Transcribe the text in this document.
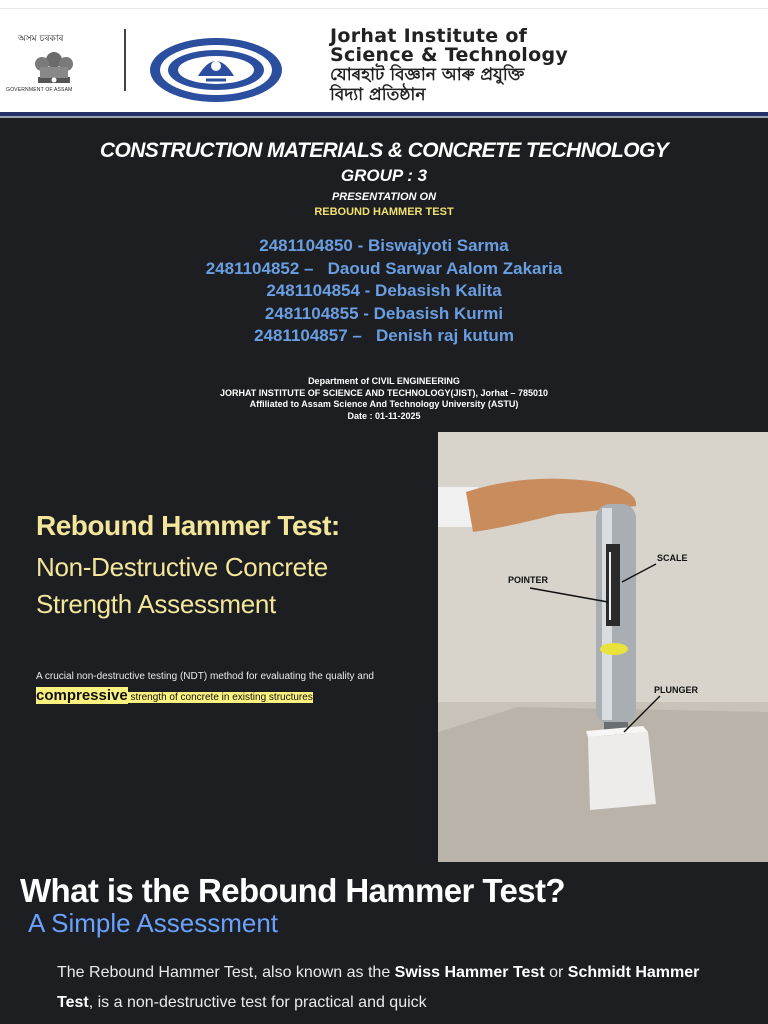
অসম চৰকাৰ
GOVERNMENT OF ASSAM
Jorhat Institute of
Science & Technology
যোৰহাট বিজ্ঞান আৰু প্ৰযুক্তি
বিদ্যা প্ৰতিষ্ঠান
CONSTRUCTION MATERIALS & CONCRETE TECHNOLOGY
GROUP : 3
PRESENTATION ON
REBOUND HAMMER TEST
2481104850 - Biswajyoti Sarma
2481104852 –   Daoud Sarwar Aalom Zakaria
2481104854 - Debasish Kalita
2481104855 - Debasish Kurmi
2481104857 –   Denish raj kutum
Department of CIVIL ENGINEERING
JORHAT INSTITUTE OF SCIENCE AND TECHNOLOGY(JIST), Jorhat – 785010
Affiliated to Assam Science And Technology University (ASTU)
Date : 01-11-2025
POINTER
SCALE
PLUNGER
Rebound Hammer Test:
Non-Destructive Concrete Strength Assessment
A crucial non-destructive testing (NDT) method for evaluating the quality and compressive strength of concrete in existing structures
What is the Rebound Hammer Test?
A Simple Assessment
The Rebound Hammer Test, also known as the Swiss Hammer Test or Schmidt Hammer Test, is a non-destructive test for practical and quick
